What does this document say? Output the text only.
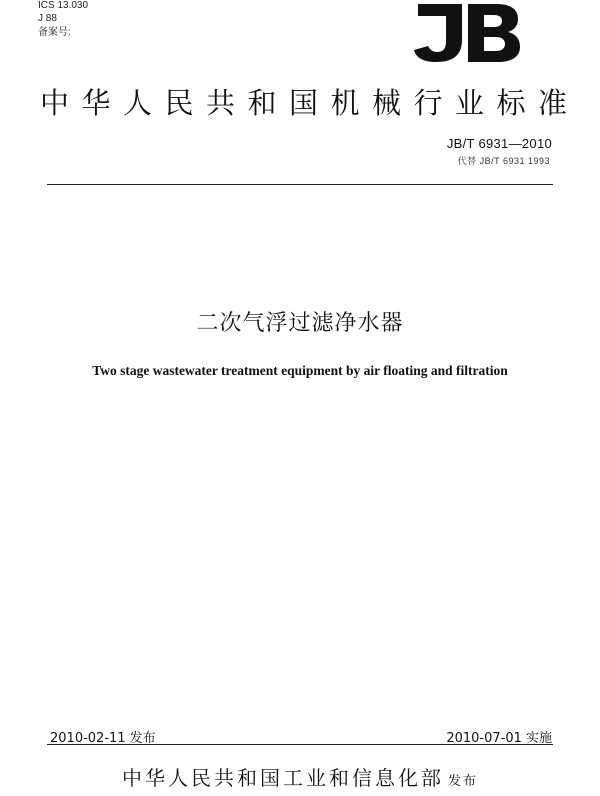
ICS 13.030
J 88
备案号:
中华人民共和国机械行业标准
JB/T 6931—2010
代替 JB/T 6931 1993
二次气浮过滤净水器
Two stage wastewater treatment equipment by air floating and filtration
2010-02-11 发布	2010-07-01 实施
中华人民共和国工业和信息化部 发布
